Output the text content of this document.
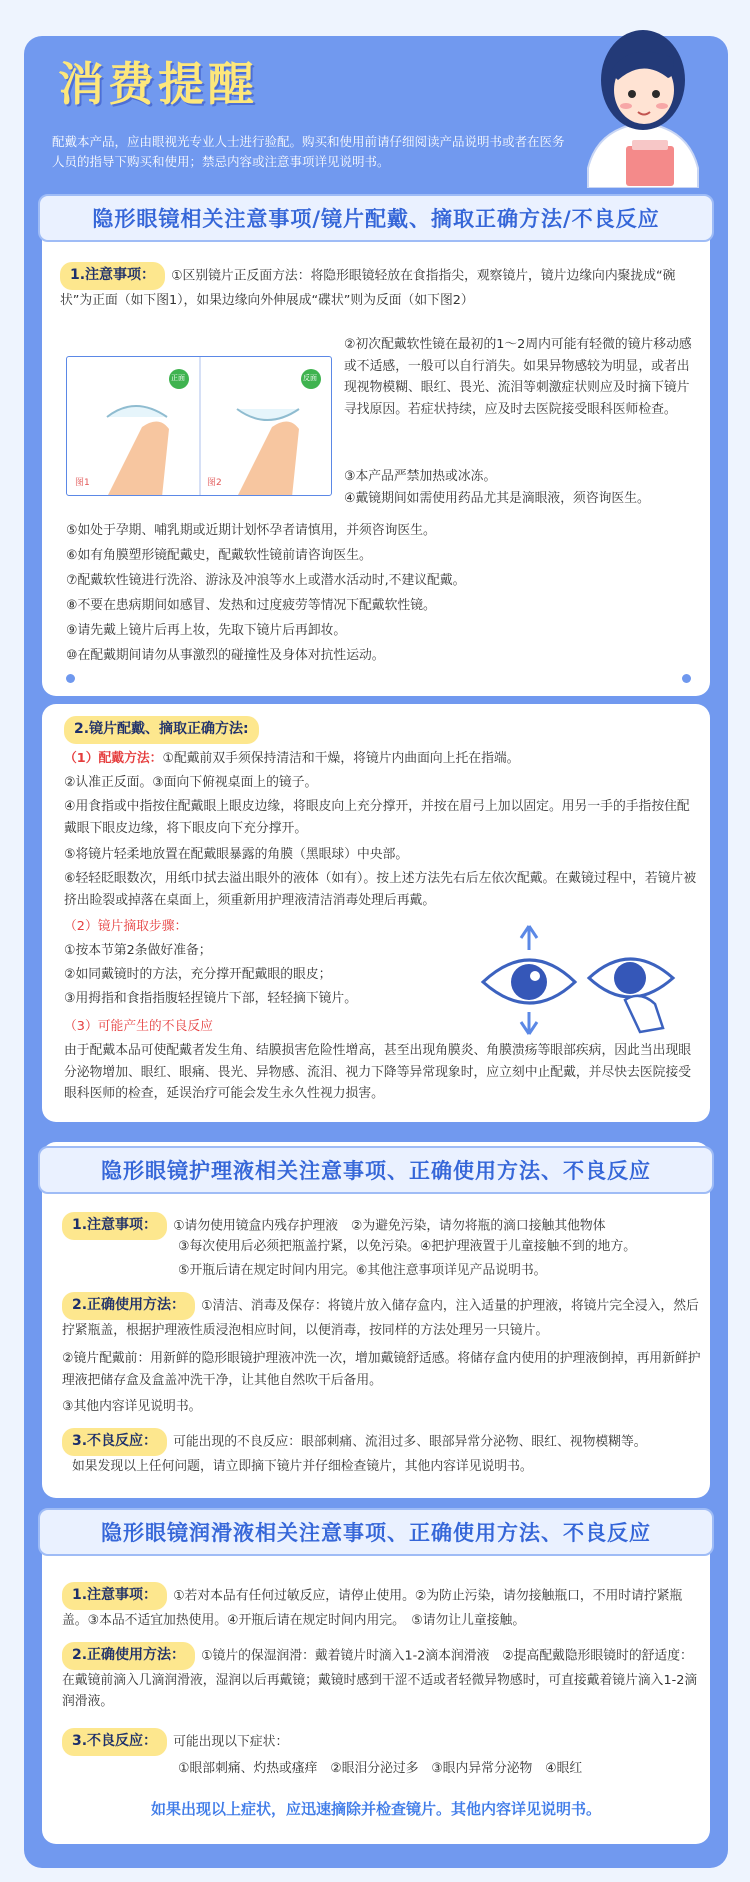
消费提醒
配戴本产品，应由眼视光专业人士进行验配。购买和使用前请仔细阅读产品说明书或者在医务人员的指导下购买和使用；禁忌内容或注意事项详见说明书。
隐形眼镜相关注意事项/镜片配戴、摘取正确方法/不良反应
1.注意事项： ①区别镜片正反面方法：将隐形眼镜轻放在食指指尖，观察镜片，镜片边缘向内聚拢成“碗状”为正面（如下图1），如果边缘向外伸展成“碟状”则为反面（如下图2）
正面	反面
图1	图2
②初次配戴软性镜在最初的1～2周内可能有轻微的镜片移动感或不适感，一般可以自行消失。如果异物感较为明显，或者出现视物模糊、眼红、畏光、流泪等刺激症状则应及时摘下镜片寻找原因。若症状持续，应及时去医院接受眼科医师检查。
③本产品严禁加热或冰冻。
④戴镜期间如需使用药品尤其是滴眼液，须咨询医生。
⑤如处于孕期、哺乳期或近期计划怀孕者请慎用，并须咨询医生。
⑥如有角膜塑形镜配戴史，配戴软性镜前请咨询医生。
⑦配戴软性镜进行洗浴、游泳及冲浪等水上或潜水活动时,不建议配戴。
⑧不要在患病期间如感冒、发热和过度疲劳等情况下配戴软性镜。
⑨请先戴上镜片后再上妆，先取下镜片后再卸妆。
⑩在配戴期间请勿从事激烈的碰撞性及身体对抗性运动。
2.镜片配戴、摘取正确方法:
（1）配戴方法：①配戴前双手须保持清洁和干燥，将镜片内曲面向上托在指端。
②认准正反面。③面向下俯视桌面上的镜子。
④用食指或中指按住配戴眼上眼皮边缘，将眼皮向上充分撑开，并按在眉弓上加以固定。用另一手的手指按住配戴眼下眼皮边缘，将下眼皮向下充分撑开。
⑤将镜片轻柔地放置在配戴眼暴露的角膜（黑眼球）中央部。
⑥轻轻眨眼数次，用纸巾拭去溢出眼外的液体（如有）。按上述方法先右后左依次配戴。在戴镜过程中，若镜片被挤出睑裂或掉落在桌面上，须重新用护理液清洁消毒处理后再戴。
（2）镜片摘取步骤：
①按本节第2条做好准备；
②如同戴镜时的方法，充分撑开配戴眼的眼皮；
③用拇指和食指指腹轻捏镜片下部，轻轻摘下镜片。
（3）可能产生的不良反应
由于配戴本品可使配戴者发生角、结膜损害危险性增高，甚至出现角膜炎、角膜溃疡等眼部疾病，因此当出现眼分泌物增加、眼红、眼痛、畏光、异物感、流泪、视力下降等异常现象时，应立刻中止配戴，并尽快去医院接受眼科医师的检查，延误治疗可能会发生永久性视力损害。
隐形眼镜护理液相关注意事项、正确使用方法、不良反应
1.注意事项： ①请勿使用镜盒内残存护理液　②为避免污染，请勿将瓶的滴口接触其他物体
③每次使用后必须把瓶盖拧紧，以免污染。④把护理液置于儿童接触不到的地方。
⑤开瓶后请在规定时间内用完。⑥其他注意事项详见产品说明书。
2.正确使用方法： ①清洁、消毒及保存：将镜片放入储存盒内，注入适量的护理液，将镜片完全浸入，然后拧紧瓶盖，根据护理液性质浸泡相应时间，以便消毒，按同样的方法处理另一只镜片。
②镜片配戴前：用新鲜的隐形眼镜护理液冲洗一次，增加戴镜舒适感。将储存盒内使用的护理液倒掉，再用新鲜护理液把储存盒及盒盖冲洗干净，让其他自然吹干后备用。
③其他内容详见说明书。
3.不良反应： 可能出现的不良反应：眼部刺痛、流泪过多、眼部异常分泌物、眼红、视物模糊等。
如果发现以上任何问题，请立即摘下镜片并仔细检查镜片，其他内容详见说明书。
隐形眼镜润滑液相关注意事项、正确使用方法、不良反应
1.注意事项： ①若对本品有任何过敏反应，请停止使用。②为防止污染，请勿接触瓶口，不用时请拧紧瓶盖。③本品不适宜加热使用。④开瓶后请在规定时间内用完。　⑤请勿让儿童接触。
2.正确使用方法： ①镜片的保湿润滑：戴着镜片时滴入1-2滴本润滑液　②提高配戴隐形眼镜时的舒适度：在戴镜前滴入几滴润滑液，湿润以后再戴镜；戴镜时感到干涩不适或者轻微异物感时，可直接戴着镜片滴入1-2滴润滑液。
3.不良反应： 可能出现以下症状：
①眼部刺痛、灼热或瘙痒　②眼泪分泌过多　③眼内异常分泌物　④眼红
如果出现以上症状，应迅速摘除并检查镜片。其他内容详见说明书。
